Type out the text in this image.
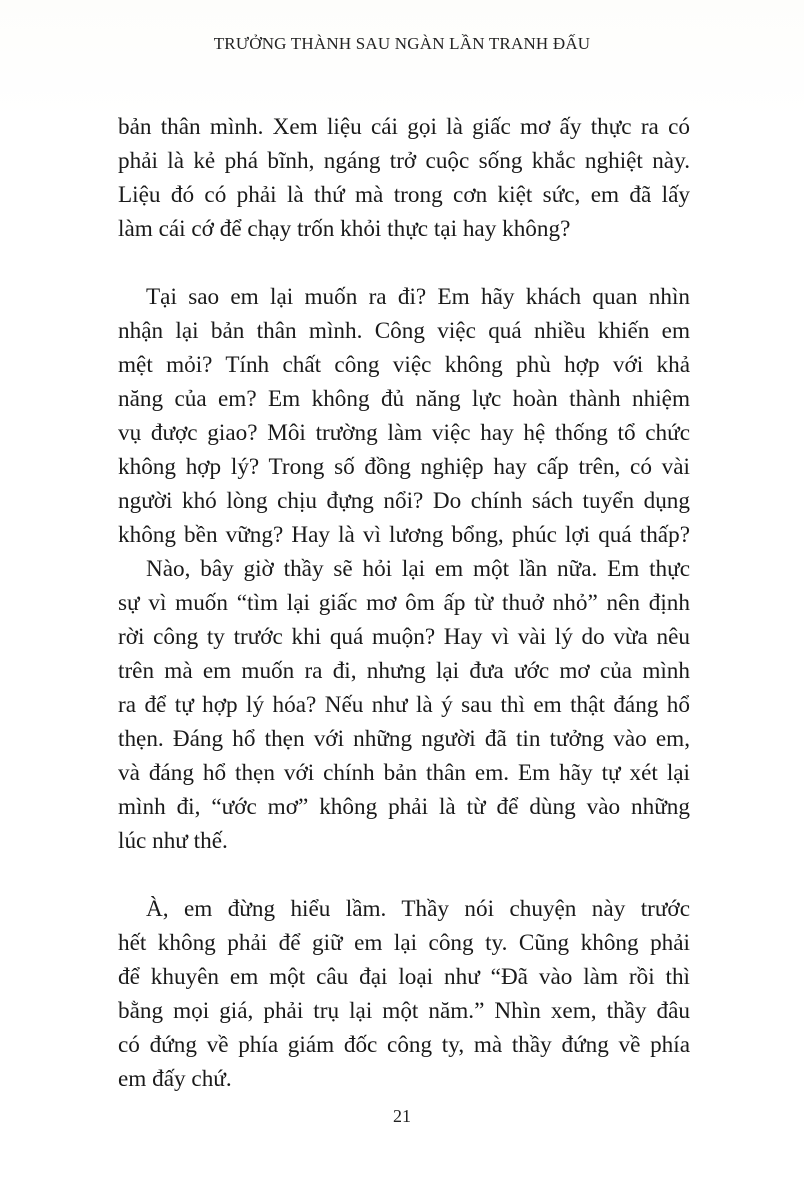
TRƯỞNG THÀNH SAU NGÀN LẦN TRANH ĐẤU
bản thân mình. Xem liệu cái gọi là giấc mơ ấy thực ra có
phải là kẻ phá bĩnh, ngáng trở cuộc sống khắc nghiệt này.
Liệu đó có phải là thứ mà trong cơn kiệt sức, em đã lấy
làm cái cớ để chạy trốn khỏi thực tại hay không?
Tại sao em lại muốn ra đi? Em hãy khách quan nhìn
nhận lại bản thân mình. Công việc quá nhiều khiến em
mệt mỏi? Tính chất công việc không phù hợp với khả
năng của em? Em không đủ năng lực hoàn thành nhiệm
vụ được giao? Môi trường làm việc hay hệ thống tổ chức
không hợp lý? Trong số đồng nghiệp hay cấp trên, có vài
người khó lòng chịu đựng nổi? Do chính sách tuyển dụng
không bền vững? Hay là vì lương bổng, phúc lợi quá thấp?
Nào, bây giờ thầy sẽ hỏi lại em một lần nữa. Em thực
sự vì muốn “tìm lại giấc mơ ôm ấp từ thuở nhỏ” nên định
rời công ty trước khi quá muộn? Hay vì vài lý do vừa nêu
trên mà em muốn ra đi, nhưng lại đưa ước mơ của mình
ra để tự hợp lý hóa? Nếu như là ý sau thì em thật đáng hổ
thẹn. Đáng hổ thẹn với những người đã tin tưởng vào em,
và đáng hổ thẹn với chính bản thân em. Em hãy tự xét lại
mình đi, “ước mơ” không phải là từ để dùng vào những
lúc như thế.
À, em đừng hiểu lầm. Thầy nói chuyện này trước
hết không phải để giữ em lại công ty. Cũng không phải
để khuyên em một câu đại loại như “Đã vào làm rồi thì
bằng mọi giá, phải trụ lại một năm.” Nhìn xem, thầy đâu
có đứng về phía giám đốc công ty, mà thầy đứng về phía
em đấy chứ.
21
